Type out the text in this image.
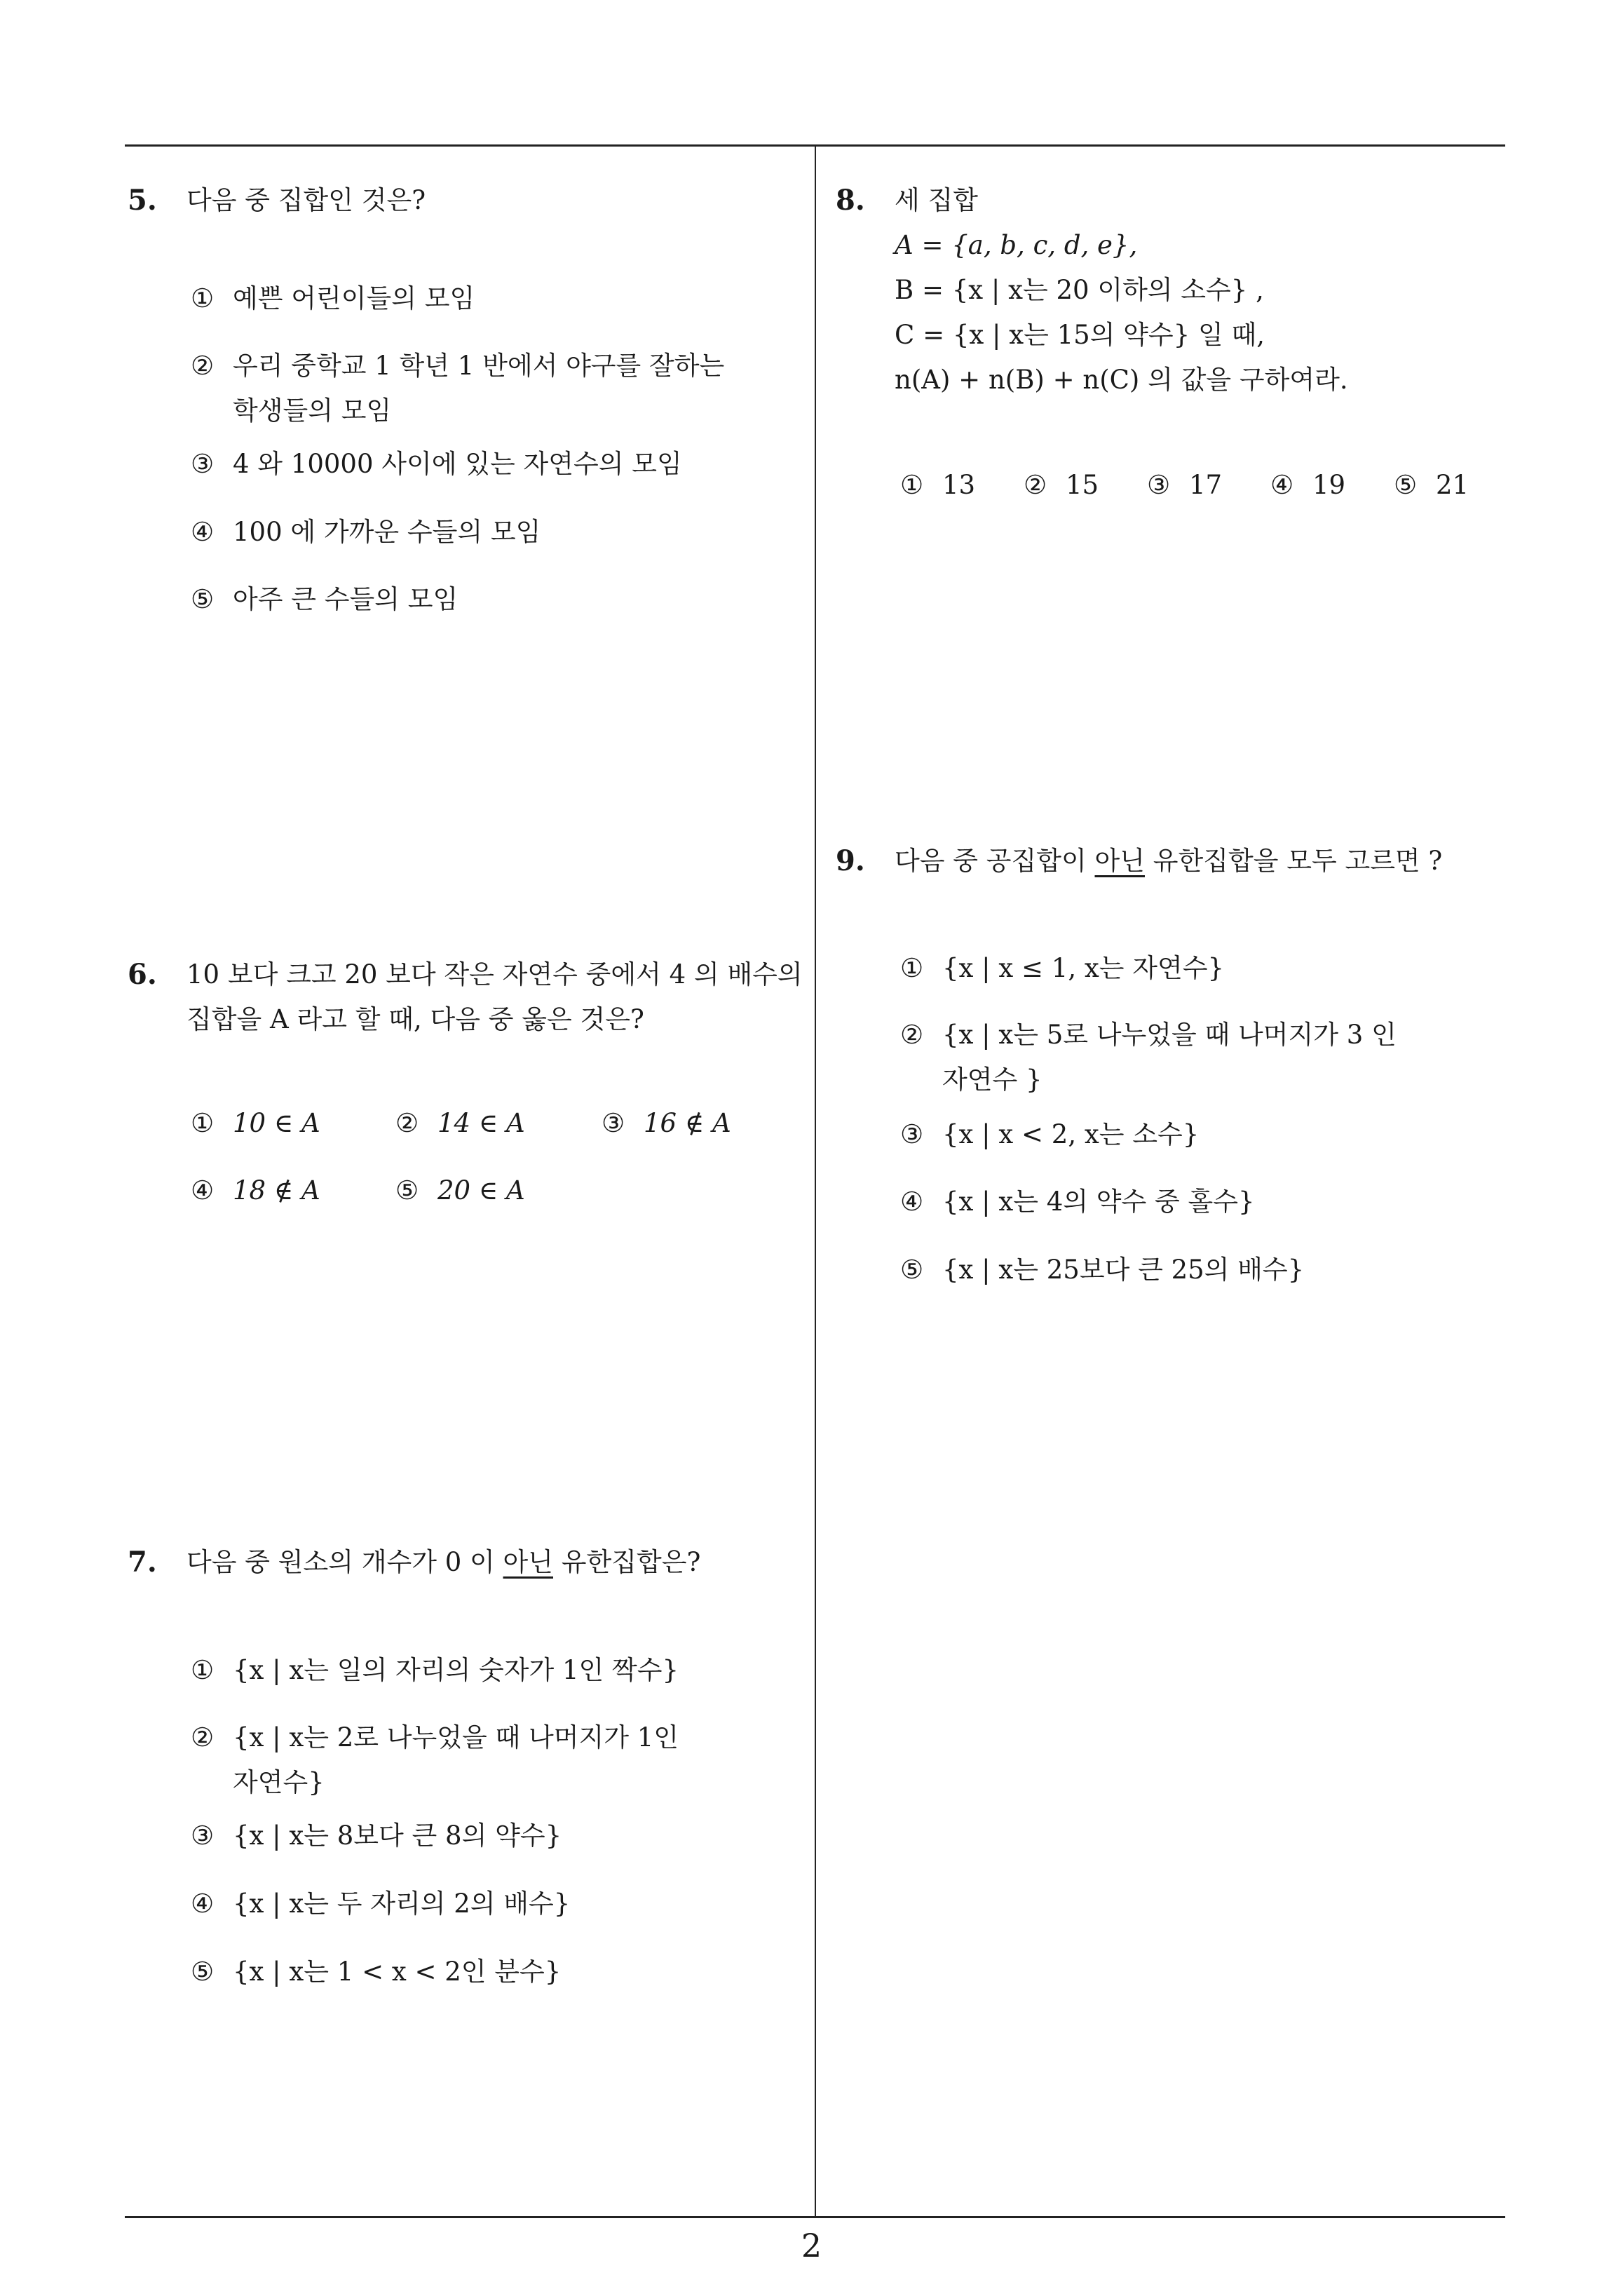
5. 다음 중 집합인 것은?
① 예쁜 어린이들의 모임
② 우리 중학교 1 학년 1 반에서 야구를 잘하는
학생들의 모임
③ 4 와 10000 사이에 있는 자연수의 모임
④ 100 에 가까운 수들의 모임
⑤ 아주 큰 수들의 모임
6. 10 보다 크고 20 보다 작은 자연수 중에서 4 의 배수의
집합을 A 라고 할 때, 다음 중 옳은 것은?
① 10 ∈ A	② 14 ∈ A	③ 16 ∉ A
④ 18 ∉ A	⑤ 20 ∈ A
7. 다음 중 원소의 개수가 0 이 아닌 유한집합은?
① {x | x는 일의 자리의 숫자가 1인 짝수}
② {x | x는 2로 나누었을 때 나머지가 1인
자연수}
③ {x | x는 8보다 큰 8의 약수}
④ {x | x는 두 자리의 2의 배수}
⑤ {x | x는 1 < x < 2인 분수}
8. 세 집합
A = {a, b, c, d, e},
B = {x | x는 20 이하의 소수} ,
C = {x | x는 15의 약수} 일 때,
n(A) + n(B) + n(C) 의 값을 구하여라.
① 13 ② 15 ③ 17 ④ 19 ⑤ 21
9. 다음 중 공집합이 아닌 유한집합을 모두 고르면 ?
① {x | x ≤ 1, x는 자연수}
② {x | x는 5로 나누었을 때 나머지가 3 인
자연수 }
③ {x | x < 2, x는 소수}
④ {x | x는 4의 약수 중 홀수}
⑤ {x | x는 25보다 큰 25의 배수}
2
